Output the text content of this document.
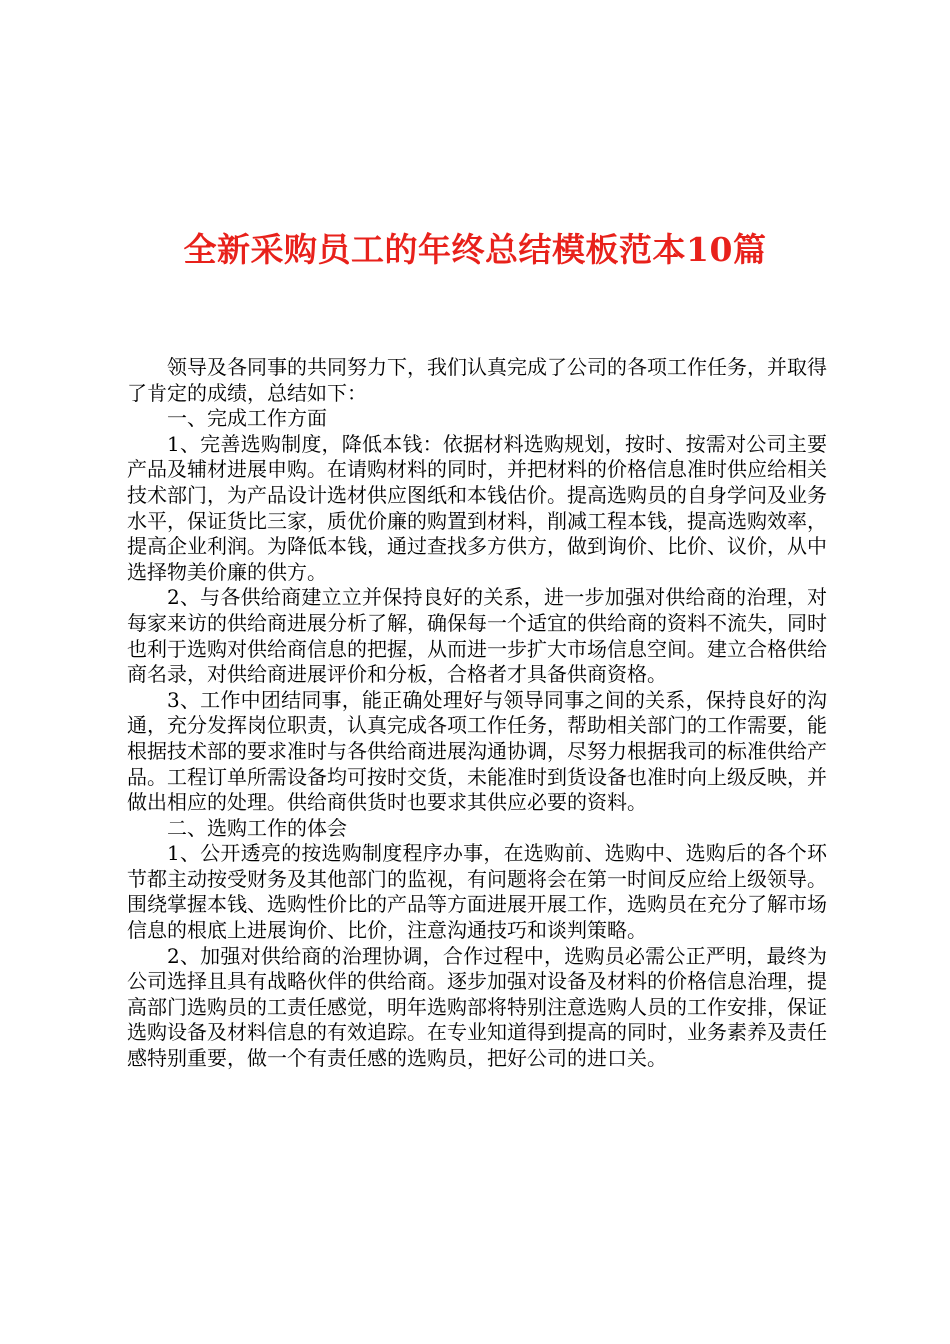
全新采购员工的年终总结模板范本10篇

领导及各同事的共同努力下，我们认真完成了公司的各项工作任务，并取得了肯定的成绩，总结如下：

一、完成工作方面

1、完善选购制度，降低本钱：依据材料选购规划，按时、按需对公司主要产品及辅材进展申购。在请购材料的同时，并把材料的价格信息准时供应给相关技术部门，为产品设计选材供应图纸和本钱估价。提高选购员的自身学问及业务水平，保证货比三家，质优价廉的购置到材料，削减工程本钱，提高选购效率，提高企业利润。为降低本钱，通过查找多方供方，做到询价、比价、议价，从中选择物美价廉的供方。

2、与各供给商建立立并保持良好的关系，进一步加强对供给商的治理，对每家来访的供给商进展分析了解，确保每一个适宜的供给商的资料不流失，同时也利于选购对供给商信息的把握，从而进一步扩大市场信息空间。建立合格供给商名录，对供给商进展评价和分板，合格者才具备供商资格。

3、工作中团结同事，能正确处理好与领导同事之间的关系，保持良好的沟通，充分发挥岗位职责，认真完成各项工作任务，帮助相关部门的工作需要，能根据技术部的要求准时与各供给商进展沟通协调，尽努力根据我司的标准供给产品。工程订单所需设备均可按时交货，未能准时到货设备也准时向上级反映，并做出相应的处理。供给商供货时也要求其供应必要的资料。

二、选购工作的体会

1、公开透亮的按选购制度程序办事，在选购前、选购中、选购后的各个环节都主动按受财务及其他部门的监视，有问题将会在第一时间反应给上级领导。围绕掌握本钱、选购性价比的产品等方面进展开展工作，选购员在充分了解市场信息的根底上进展询价、比价，注意沟通技巧和谈判策略。

2、加强对供给商的治理协调，合作过程中，选购员必需公正严明，最终为公司选择且具有战略伙伴的供给商。逐步加强对设备及材料的价格信息治理，提高部门选购员的工责任感觉，明年选购部将特别注意选购人员的工作安排，保证选购设备及材料信息的有效追踪。在专业知道得到提高的同时，业务素养及责任感特别重要，做一个有责任感的选购员，把好公司的进口关。
